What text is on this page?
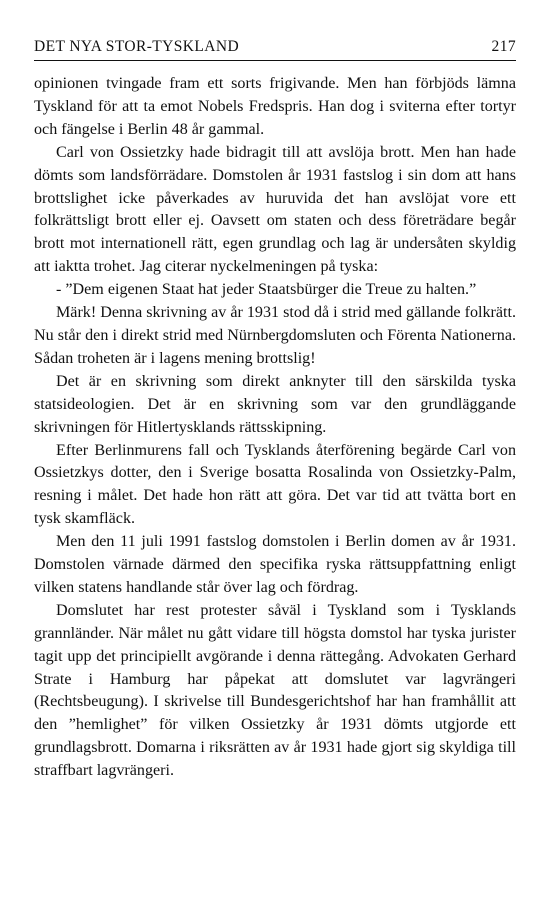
DET NYA STOR-TYSKLAND	217

opinionen tvingade fram ett sorts frigivande. Men han förbjöds lämna Tyskland för att ta emot Nobels Fredspris. Han dog i sviterna efter tortyr och fängelse i Berlin 48 år gammal.

Carl von Ossietzky hade bidragit till att avslöja brott. Men han hade dömts som landsförrädare. Domstolen år 1931 fastslog i sin dom att hans brottslighet icke påverkades av huruvida det han avslöjat vore ett folkrättsligt brott eller ej. Oavsett om staten och dess företrädare begår brott mot internationell rätt, egen grundlag och lag är undersåten skyldig att iaktta trohet. Jag citerar nyckelmeningen på tyska:

- ”Dem eigenen Staat hat jeder Staatsbürger die Treue zu halten.”

Märk! Denna skrivning av år 1931 stod då i strid med gällande folkrätt. Nu står den i direkt strid med Nürnbergdomsluten och Förenta Nationerna. Sådan troheten är i lagens mening brottslig!

Det är en skrivning som direkt anknyter till den särskilda tyska statsideologien. Det är en skrivning som var den grundläggande skrivningen för Hitlertysklands rättsskipning.

Efter Berlinmurens fall och Tysklands återförening begärde Carl von Ossietzkys dotter, den i Sverige bosatta Rosalinda von Ossietzky-Palm, resning i målet. Det hade hon rätt att göra. Det var tid att tvätta bort en tysk skamfläck.

Men den 11 juli 1991 fastslog domstolen i Berlin domen av år 1931. Domstolen värnade därmed den specifika ryska rättsuppfattning enligt vilken statens handlande står över lag och fördrag.

Domslutet har rest protester såväl i Tyskland som i Tysklands grannländer. När målet nu gått vidare till högsta domstol har tyska jurister tagit upp det principiellt avgörande i denna rättegång. Advokaten Gerhard Strate i Hamburg har påpekat att domslutet var lagvrängeri (Rechtsbeugung). I skrivelse till Bundesgerichtshof har han framhållit att den ”hemlighet” för vilken Ossietzky år 1931 dömts utgjorde ett grundlagsbrott. Domarna i riksrätten av år 1931 hade gjort sig skyldiga till straffbart lagvrängeri.
